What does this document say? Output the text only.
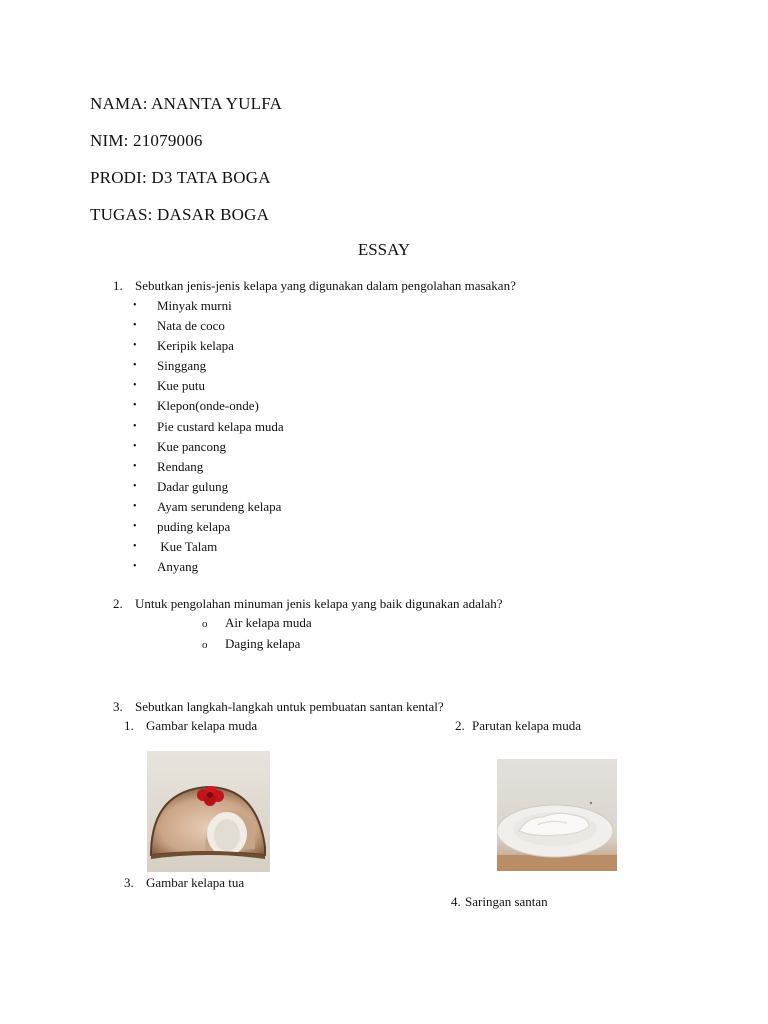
NAMA: ANANTA YULFA
NIM: 21079006
PRODI: D3 TATA BOGA
TUGAS: DASAR BOGA
ESSAY
1. Sebutkan jenis-jenis kelapa yang digunakan dalam pengolahan masakan?
• Minyak murni
• Nata de coco
• Keripik kelapa
• Singgang
• Kue putu
• Klepon(onde-onde)
• Pie custard kelapa muda
• Kue pancong
• Rendang
• Dadar gulung
• Ayam serundeng kelapa
• puding kelapa
• Kue Talam
• Anyang
2. Untuk pengolahan minuman jenis kelapa yang baik digunakan adalah?
o Air kelapa muda
o Daging kelapa
3. Sebutkan langkah-langkah untuk pembuatan santan kental?
1. Gambar kelapa muda	2. Parutan kelapa muda
3. Gambar kelapa tua
4. Saringan santan
